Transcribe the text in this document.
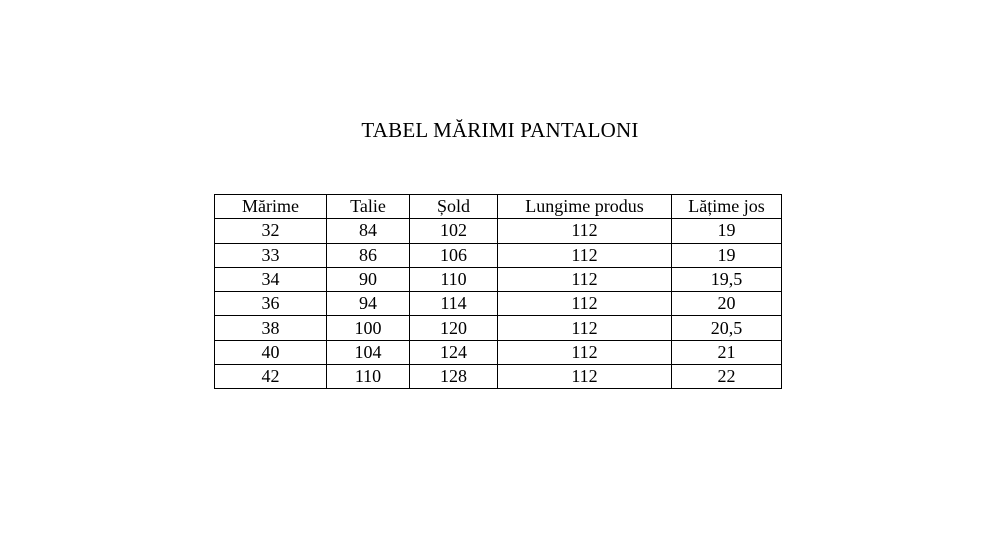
TABEL MĂRIMI PANTALONI
Mărime	Talie	Șold	Lungime produs	Lățime jos
32	84	102	112	19
33	86	106	112	19
34	90	110	112	19,5
36	94	114	112	20
38	100	120	112	20,5
40	104	124	112	21
42	110	128	112	22
